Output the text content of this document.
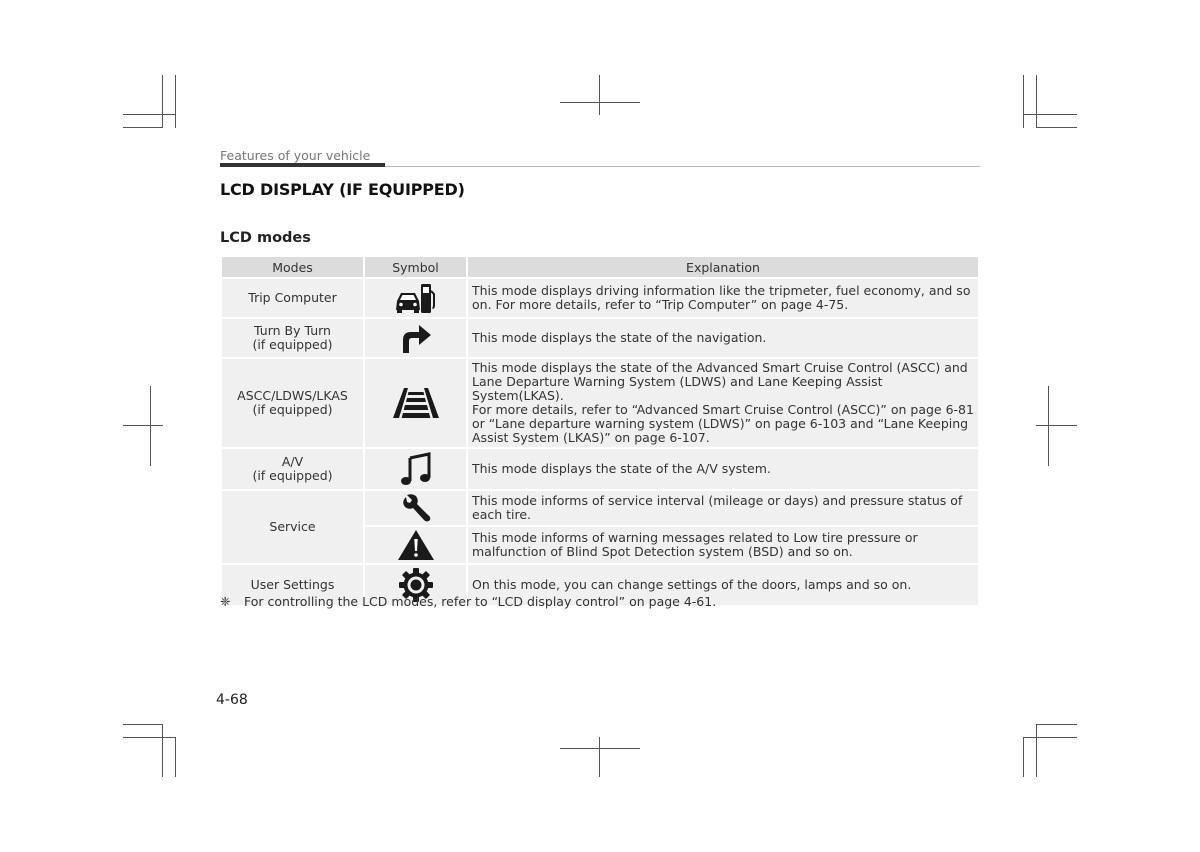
Features of your vehicle
LCD DISPLAY (IF EQUIPPED)
LCD modes
Modes	Symbol	Explanation
Trip Computer		This mode displays driving information like the tripmeter, fuel economy, and so on. For more details, refer to “Trip Computer” on page 4-75.
Turn By Turn
(if equipped)		This mode displays the state of the navigation.
ASCC/LDWS/LKAS
(if equipped)		This mode displays the state of the Advanced Smart Cruise Control (ASCC) and Lane Departure Warning System (LDWS) and Lane Keeping Assist System(LKAS).
For more details, refer to “Advanced Smart Cruise Control (ASCC)” on page 6-81 or “Lane departure warning system (LDWS)” on page 6-103 and “Lane Keeping Assist System (LKAS)” on page 6-107.
A/V
(if equipped)		This mode displays the state of the A/V system.
Service		This mode informs of service interval (mileage or days) and pressure status of each tire.

	This mode informs of warning messages related to Low tire pressure or malfunction of Blind Spot Detection system (BSD) and so on.
User Settings		On this mode, you can change settings of the doors, lamps and so on.
❈ For controlling the LCD modes, refer to “LCD display control” on page 4-61.
4-68
